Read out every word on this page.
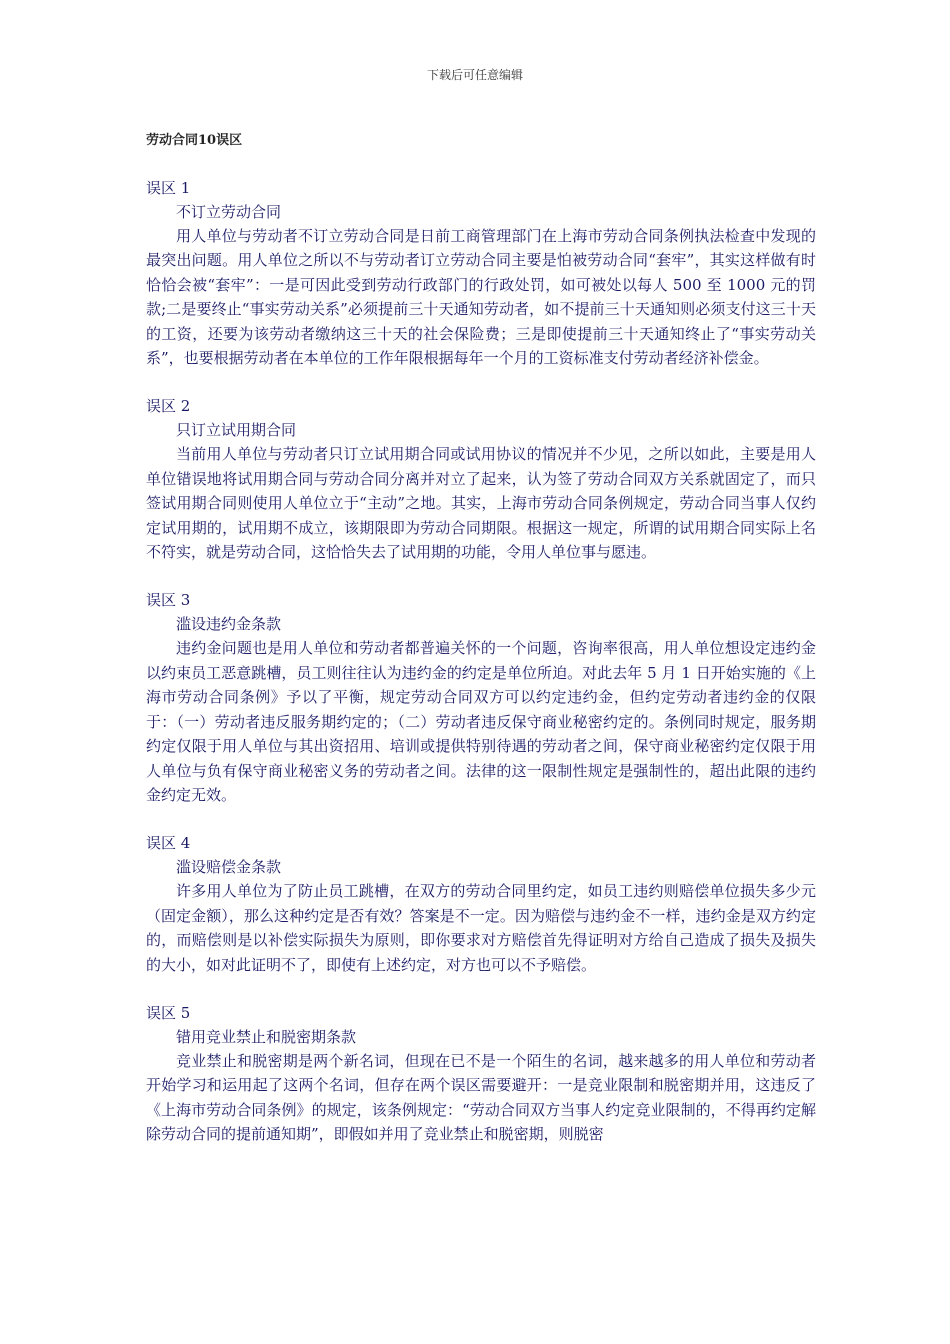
下载后可任意编辑
劳动合同10误区
误区 1
不订立劳动合同

用人单位与劳动者不订立劳动合同是日前工商管理部门在上海市劳动合同条例执法检查中发现的最突出问题。用人单位之所以不与劳动者订立劳动合同主要是怕被劳动合同“套牢”，其实这样做有时恰恰会被“套牢”：一是可因此受到劳动行政部门的行政处罚，如可被处以每人 500 至 1000 元的罚款;二是要终止“事实劳动关系”必须提前三十天通知劳动者，如不提前三十天通知则必须支付这三十天的工资，还要为该劳动者缴纳这三十天的社会保险费；三是即使提前三十天通知终止了“事实劳动关系”，也要根据劳动者在本单位的工作年限根据每年一个月的工资标准支付劳动者经济补偿金。

误区 2
只订立试用期合同

当前用人单位与劳动者只订立试用期合同或试用协议的情况并不少见，之所以如此，主要是用人单位错误地将试用期合同与劳动合同分离并对立了起来，认为签了劳动合同双方关系就固定了，而只签试用期合同则使用人单位立于“主动”之地。其实，上海市劳动合同条例规定，劳动合同当事人仅约定试用期的，试用期不成立，该期限即为劳动合同期限。根据这一规定，所谓的试用期合同实际上名不符实，就是劳动合同，这恰恰失去了试用期的功能，令用人单位事与愿违。

误区 3
滥设违约金条款

违约金问题也是用人单位和劳动者都普遍关怀的一个问题，咨询率很高，用人单位想设定违约金以约束员工恶意跳槽，员工则往往认为违约金的约定是单位所迫。对此去年 5 月 1 日开始实施的《上海市劳动合同条例》予以了平衡，规定劳动合同双方可以约定违约金，但约定劳动者违约金的仅限于：（一）劳动者违反服务期约定的；（二）劳动者违反保守商业秘密约定的。条例同时规定，服务期约定仅限于用人单位与其出资招用、培训或提供特别待遇的劳动者之间，保守商业秘密约定仅限于用人单位与负有保守商业秘密义务的劳动者之间。法律的这一限制性规定是强制性的，超出此限的违约金约定无效。

误区 4
滥设赔偿金条款

许多用人单位为了防止员工跳槽，在双方的劳动合同里约定，如员工违约则赔偿单位损失多少元（固定金额），那么这种约定是否有效？答案是不一定。因为赔偿与违约金不一样，违约金是双方约定的，而赔偿则是以补偿实际损失为原则，即你要求对方赔偿首先得证明对方给自己造成了损失及损失的大小，如对此证明不了，即使有上述约定，对方也可以不予赔偿。

误区 5
错用竞业禁止和脱密期条款

竞业禁止和脱密期是两个新名词，但现在已不是一个陌生的名词，越来越多的用人单位和劳动者开始学习和运用起了这两个名词，但存在两个误区需要避开：一是竞业限制和脱密期并用，这违反了《上海市劳动合同条例》的规定，该条例规定：“劳动合同双方当事人约定竞业限制的，不得再约定解除劳动合同的提前通知期”，即假如并用了竞业禁止和脱密期，则脱密
